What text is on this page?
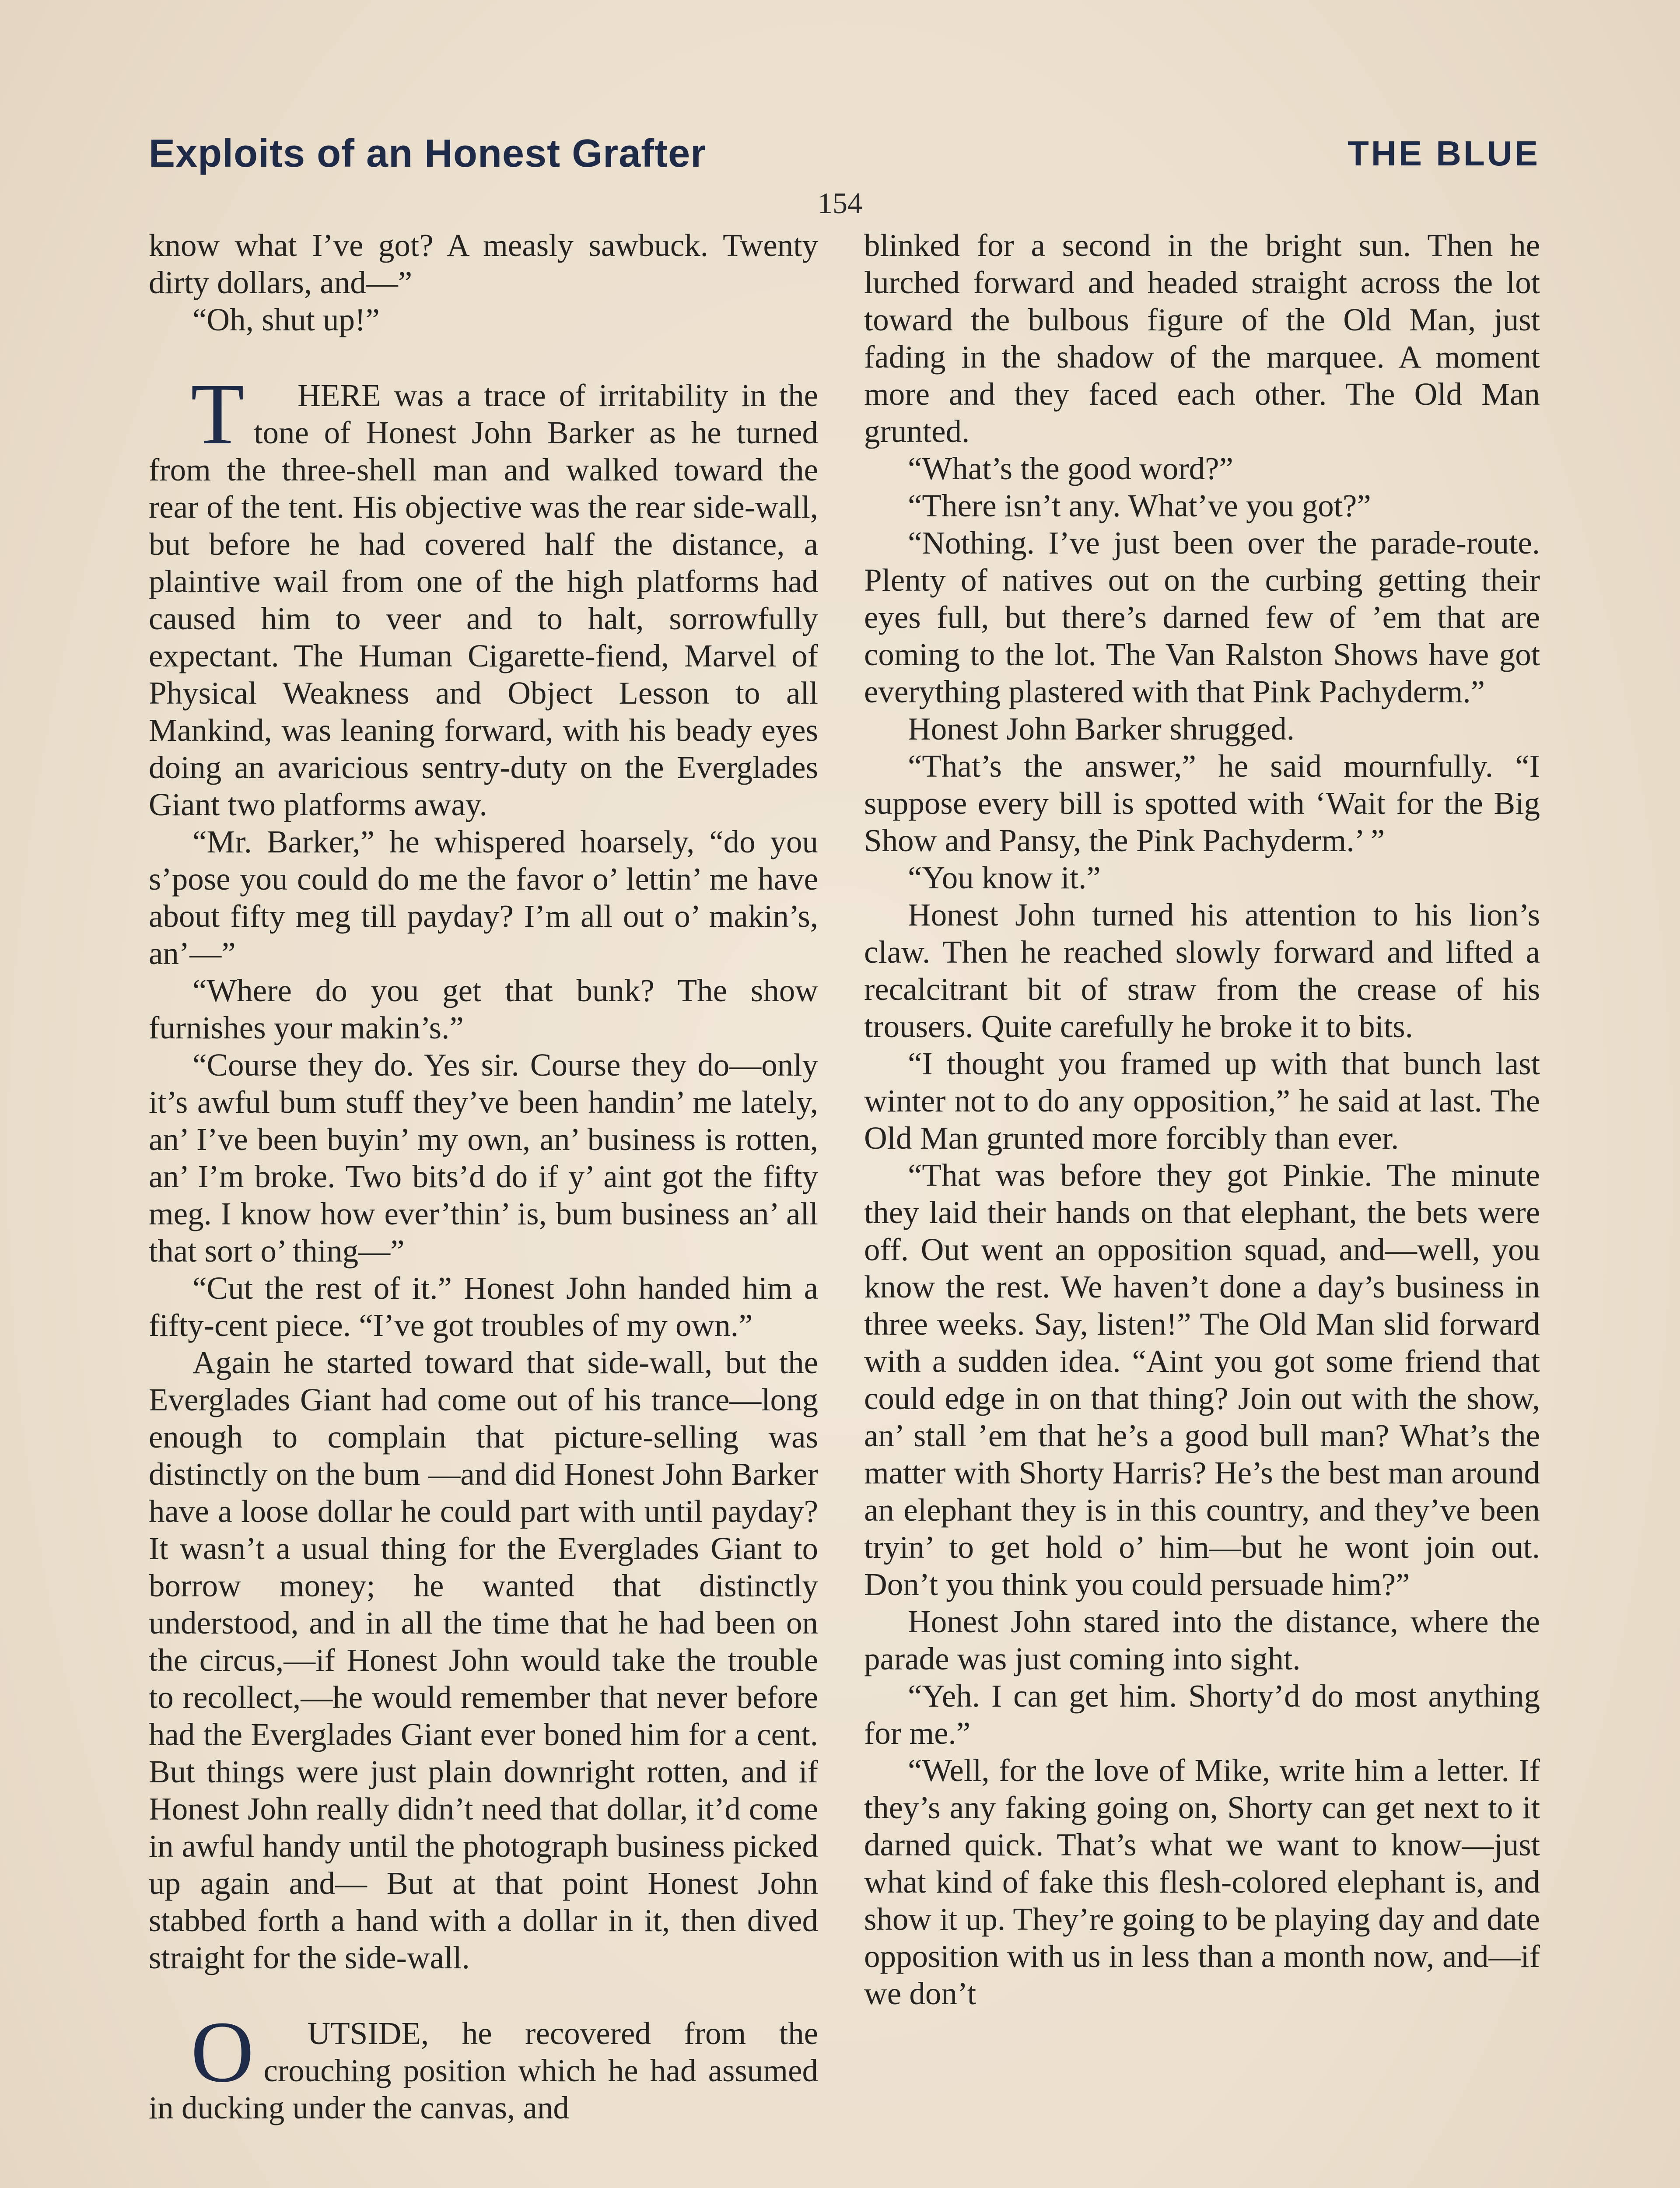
Exploits of an Honest Grafter	THE BLUE
154

know what I’ve got? A measly sawbuck. Twenty dirty dollars, and—”

“Oh, shut up!”

T HERE was a trace of irritability in the tone of Honest John Barker as he turned from the three-shell man and walked toward the rear of the tent. His objective was the rear side-wall, but before he had covered half the distance, a plaintive wail from one of the high platforms had caused him to veer and to halt, sorrowfully expectant. The Human Cigarette-fiend, Marvel of Physical Weakness and Object Lesson to all Mankind, was leaning forward, with his beady eyes doing an avaricious sentry-duty on the Everglades Giant two platforms away.

“Mr. Barker,” he whispered hoarsely, “do you s’pose you could do me the favor o’ lettin’ me have about fifty meg till payday? I’m all out o’ makin’s, an’—”

“Where do you get that bunk? The show furnishes your makin’s.”

“Course they do. Yes sir. Course they do—only it’s awful bum stuff they’ve been handin’ me lately, an’ I’ve been buyin’ my own, an’ business is rotten, an’ I’m broke. Two bits’d do if y’ aint got the fifty meg. I know how ever’thin’ is, bum business an’ all that sort o’ thing—”

“Cut the rest of it.” Honest John handed him a fifty-cent piece. “I’ve got troubles of my own.”

Again he started toward that side-wall, but the Everglades Giant had come out of his trance—long enough to complain that picture-selling was distinctly on the bum —and did Honest John Barker have a loose dollar he could part with until payday? It wasn’t a usual thing for the Everglades Giant to borrow money; he wanted that distinctly understood, and in all the time that he had been on the circus,—if Honest John would take the trouble to recollect,—he would remember that never before had the Everglades Giant ever boned him for a cent. But things were just plain downright rotten, and if Honest John really didn’t need that dollar, it’d come in awful handy until the photograph business picked up again and— But at that point Honest John stabbed forth a hand with a dollar in it, then dived straight for the side-wall.

O UTSIDE, he recovered from the crouching position which he had assumed in ducking under the canvas, and

blinked for a second in the bright sun. Then he lurched forward and headed straight across the lot toward the bulbous figure of the Old Man, just fading in the shadow of the marquee. A moment more and they faced each other. The Old Man grunted.

“What’s the good word?”

“There isn’t any. What’ve you got?”

“Nothing. I’ve just been over the parade-route. Plenty of natives out on the curbing getting their eyes full, but there’s darned few of ’em that are coming to the lot. The Van Ralston Shows have got everything plastered with that Pink Pachyderm.”

Honest John Barker shrugged.

“That’s the answer,” he said mournfully. “I suppose every bill is spotted with ‘Wait for the Big Show and Pansy, the Pink Pachyderm.’ ”

“You know it.”

Honest John turned his attention to his lion’s claw. Then he reached slowly forward and lifted a recalcitrant bit of straw from the crease of his trousers. Quite carefully he broke it to bits.

“I thought you framed up with that bunch last winter not to do any opposition,” he said at last. The Old Man grunted more forcibly than ever.

“That was before they got Pinkie. The minute they laid their hands on that elephant, the bets were off. Out went an opposition squad, and—well, you know the rest. We haven’t done a day’s business in three weeks. Say, listen!” The Old Man slid forward with a sudden idea. “Aint you got some friend that could edge in on that thing? Join out with the show, an’ stall ’em that he’s a good bull man? What’s the matter with Shorty Harris? He’s the best man around an elephant they is in this country, and they’ve been tryin’ to get hold o’ him—but he wont join out. Don’t you think you could persuade him?”

Honest John stared into the distance, where the parade was just coming into sight.

“Yeh. I can get him. Shorty’d do most anything for me.”

“Well, for the love of Mike, write him a letter. If they’s any faking going on, Shorty can get next to it darned quick. That’s what we want to know—just what kind of fake this flesh-colored elephant is, and show it up. They’re going to be playing day and date opposition with us in less than a month now, and—if we don’t
